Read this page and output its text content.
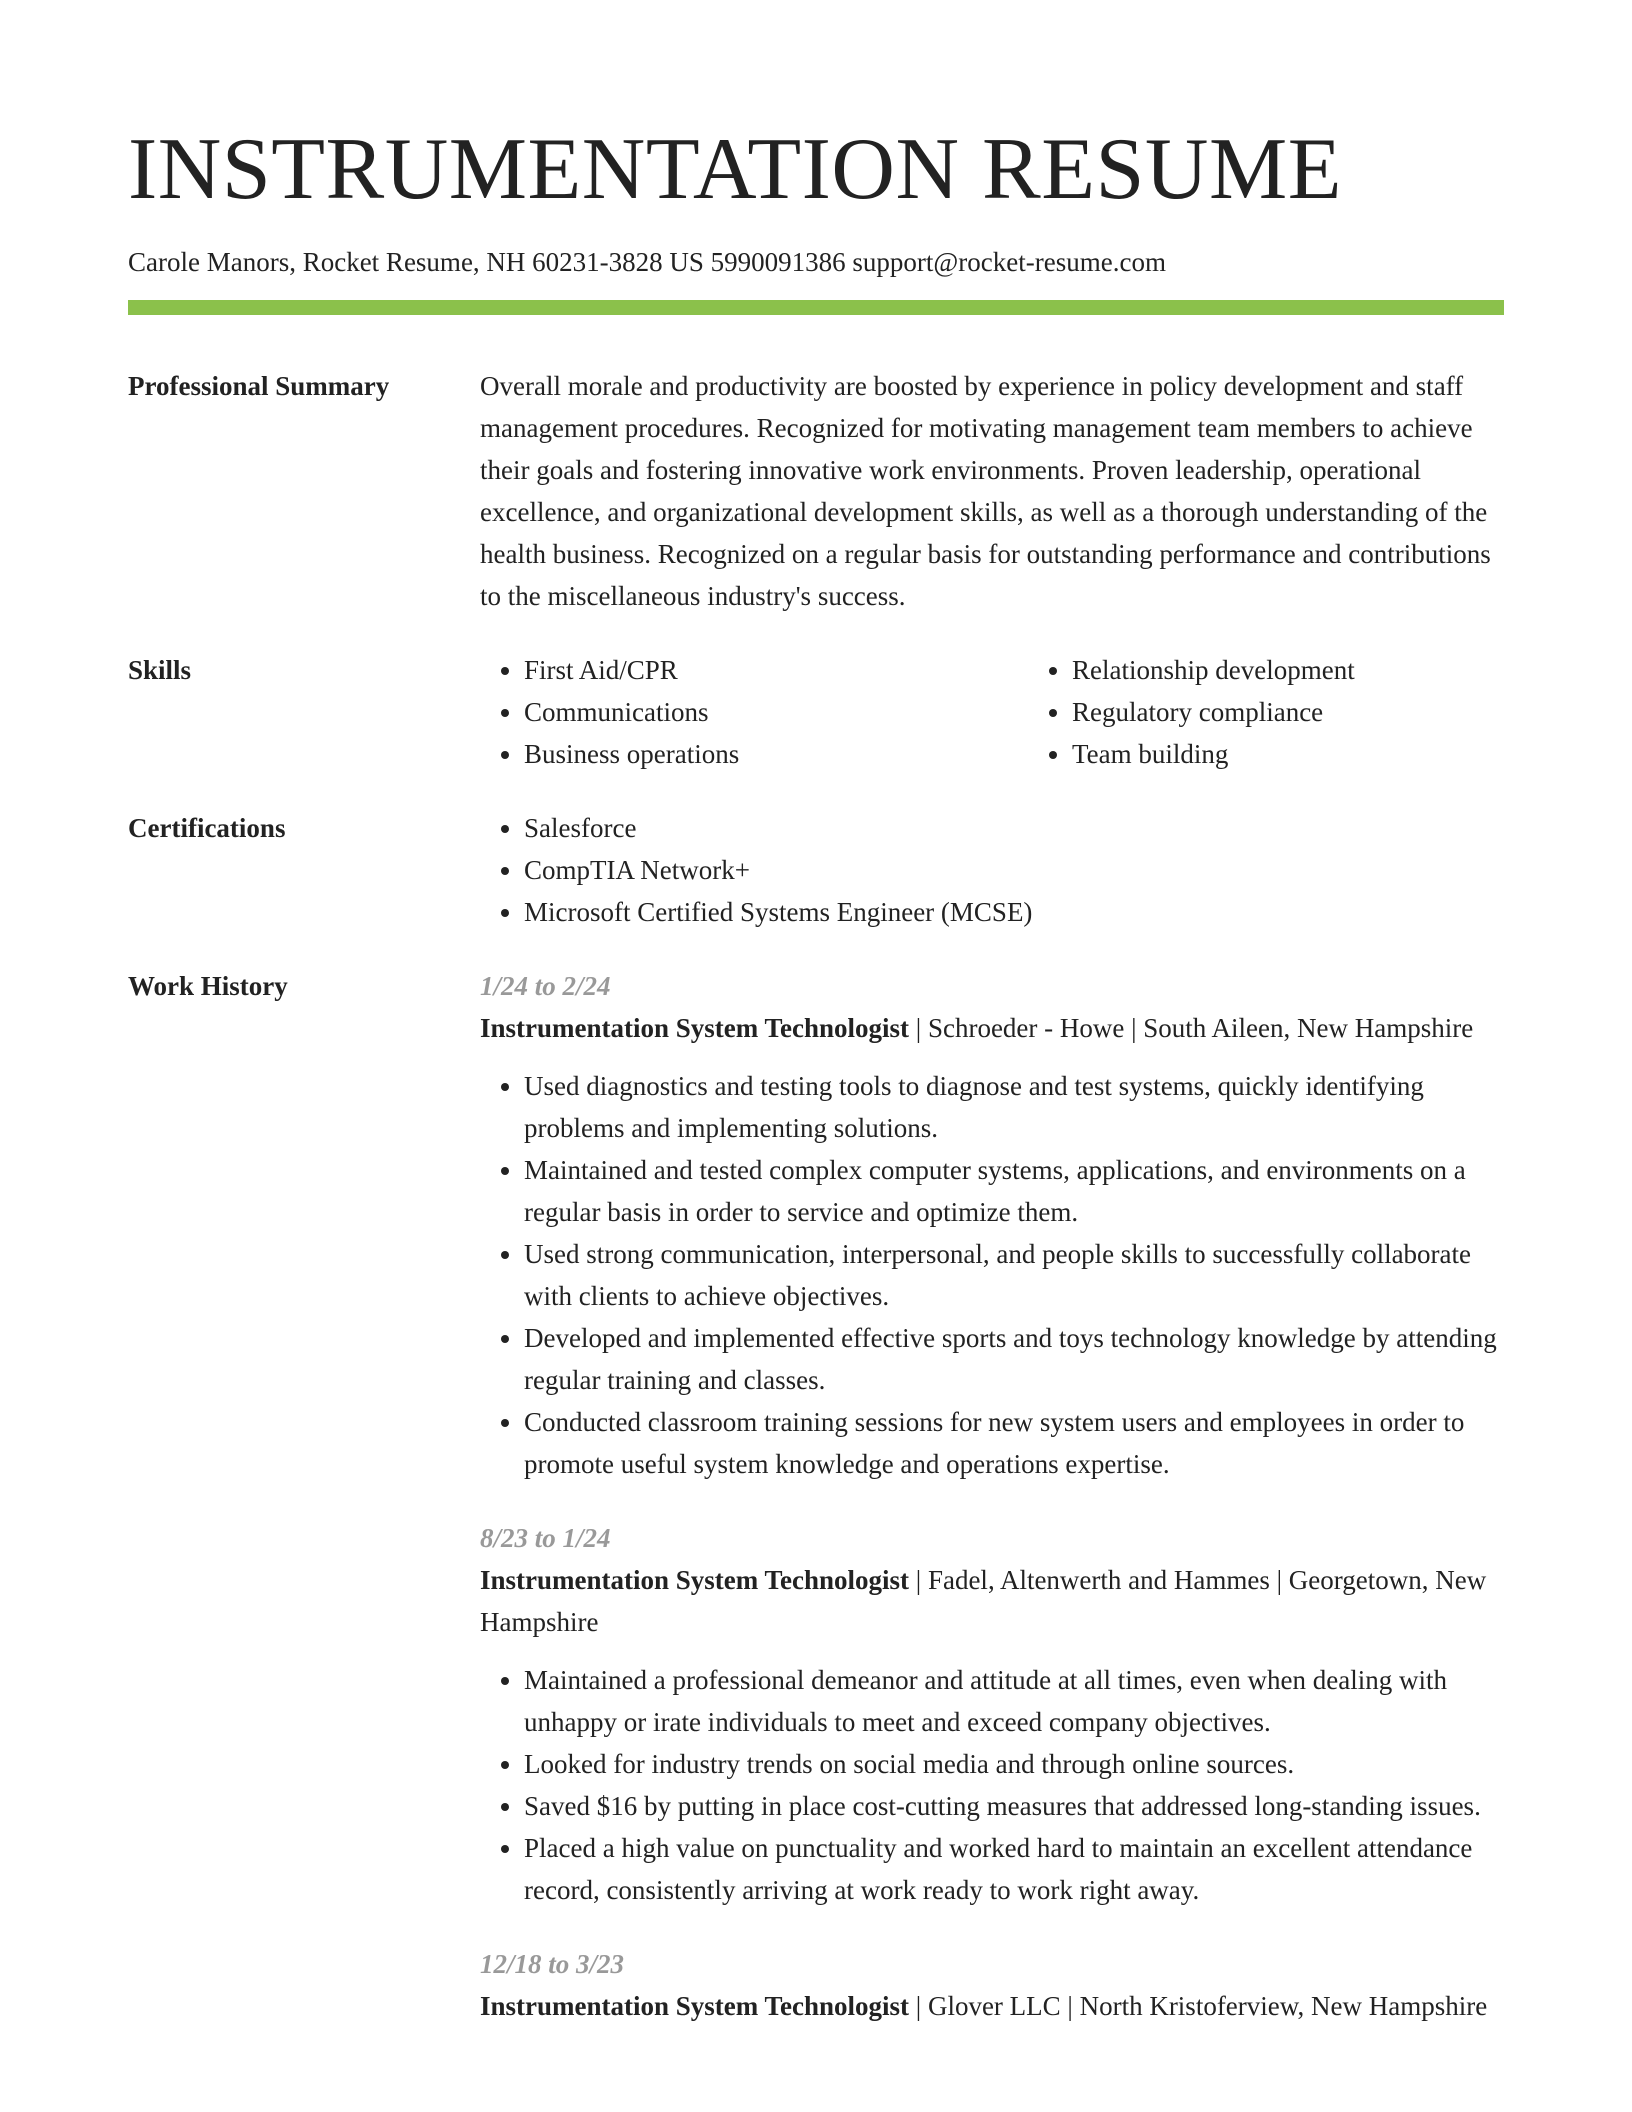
INSTRUMENTATION RESUME
Carole Manors, Rocket Resume, NH 60231-3828 US 5990091386 support@rocket-resume.com
Professional Summary	Overall morale and productivity are boosted by experience in policy development and staff management procedures. Recognized for motivating management team members to achieve their goals and fostering innovative work environments. Proven leadership, operational excellence, and organizational development skills, as well as a thorough understanding of the health business. Recognized on a regular basis for outstanding performance and contributions to the miscellaneous industry's success.

Skills	• First Aid/CPR
• Communications
• Business operations
• Relationship development
• Regulatory compliance
• Team building
Certifications	• Salesforce
• CompTIA Network+
• Microsoft Certified Systems Engineer (MCSE)
Work History	1/24 to 2/24
Instrumentation System Technologist | Schroeder - Howe | South Aileen, New Hampshire
• Used diagnostics and testing tools to diagnose and test systems, quickly identifying problems and implementing solutions.
• Maintained and tested complex computer systems, applications, and environments on a regular basis in order to service and optimize them.
• Used strong communication, interpersonal, and people skills to successfully collaborate with clients to achieve objectives.
• Developed and implemented effective sports and toys technology knowledge by attending regular training and classes.
• Conducted classroom training sessions for new system users and employees in order to promote useful system knowledge and operations expertise.
8/23 to 1/24
Instrumentation System Technologist | Fadel, Altenwerth and Hammes | Georgetown, New Hampshire
• Maintained a professional demeanor and attitude at all times, even when dealing with unhappy or irate individuals to meet and exceed company objectives.
• Looked for industry trends on social media and through online sources.
• Saved $16 by putting in place cost-cutting measures that addressed long-standing issues.
• Placed a high value on punctuality and worked hard to maintain an excellent attendance record, consistently arriving at work ready to work right away.
12/18 to 3/23
Instrumentation System Technologist | Glover LLC | North Kristoferview, New Hampshire
